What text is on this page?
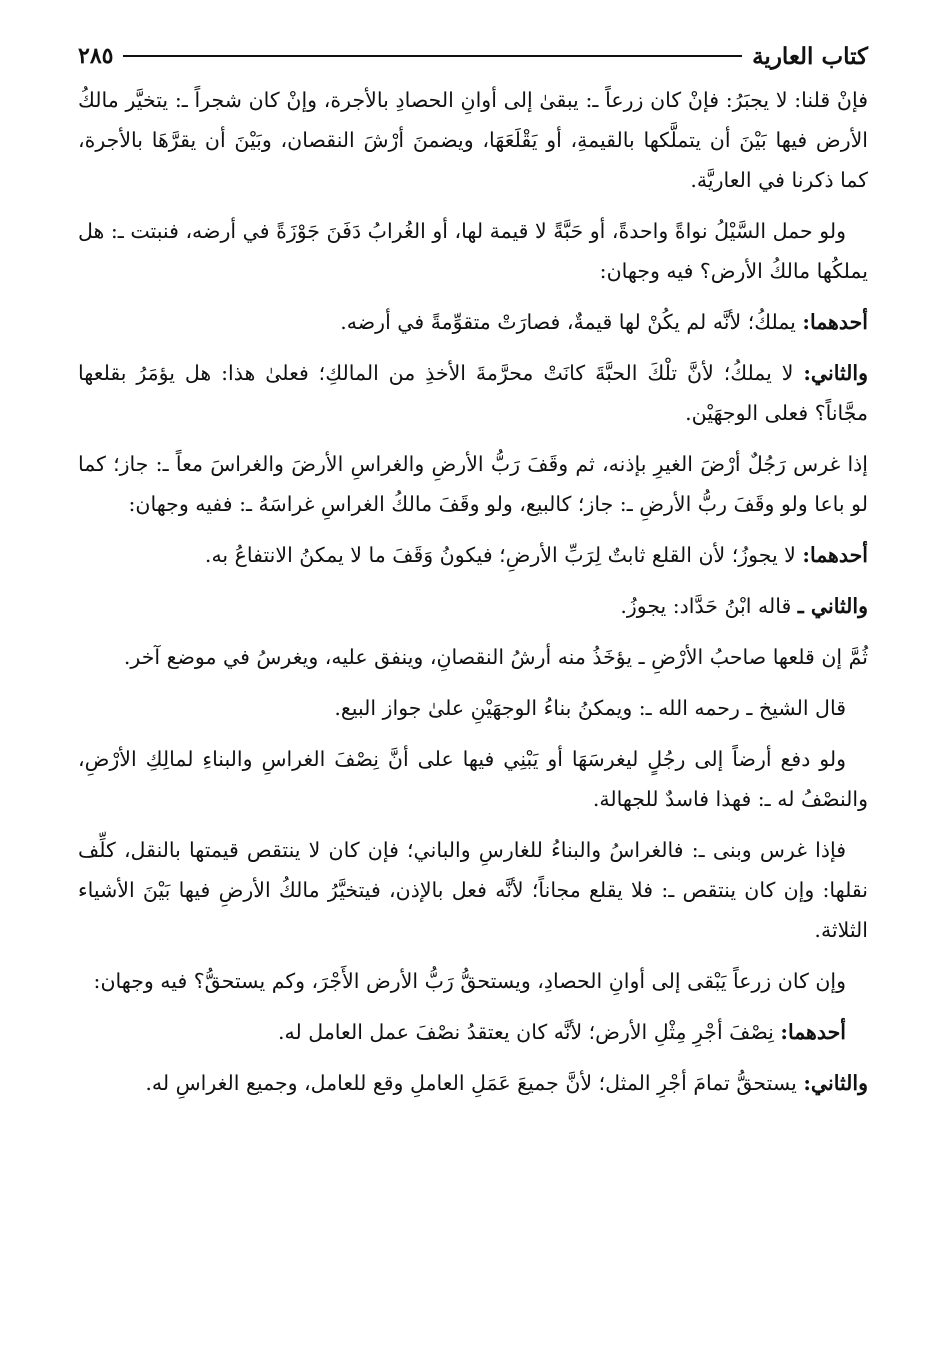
كتاب العارية
٢٨٥

فإنْ قلنا: لا يجبَرُ: فإنْ كان زرعاً ـ: يبقىٰ إلى أوانِ الحصادِ بالأجرة، وإنْ كان شجراً ـ: يتخيَّر مالكُ الأرض فيها بَيْنَ أن يتملَّكها بالقيمةِ، أو يَقْلَعَهَا، ويضمنَ أرْشَ النقصان، وبَيْنَ أن يقرَّهَا بالأجرة، كما ذكرنا في العاريَّة.

ولو حمل السَّيْلُ نواةً واحدةً، أو حَبَّةً لا قيمة لها، أو الغُرابُ دَفَنَ جَوْزَةً في أرضه، فنبتت ـ: هل يملكُها مالكُ الأرض؟ فيه وجهان:

أحدهما: يملكُ؛ لأنَّه لم يكُنْ لها قيمةٌ، فصارَتْ متقوِّمةً في أرضه.

والثاني: لا يملكُ؛ لأنَّ تلْكَ الحبَّةَ كانَتْ محرَّمةَ الأخذِ من المالكِ؛ فعلىٰ هذا: هل يؤمَرُ بقلعها مجَّاناً؟ فعلى الوجهَيْن.

إذا غرس رَجُلٌ أرْضَ الغيرِ بإذنه، ثم وقَفَ رَبُّ الأرضِ والغراسِ الأرضَ والغراسَ معاً ـ: جاز؛ كما لو باعا ولو وقَفَ ربُّ الأرضِ ـ: جاز؛ كالبيع، ولو وقَفَ مالكُ الغراسِ غراسَهُ ـ: ففيه وجهان:

أحدهما: لا يجوزُ؛ لأن القلع ثابتٌ لِرَبِّ الأرضِ؛ فيكونُ وَقَفَ ما لا يمكنُ الانتفاعُ به.

والثاني ـ قاله ابْنُ حَدَّاد: يجوزُ.

ثُمَّ إن قلعها صاحبُ الأرْضِ ـ يؤخَذُ منه أرشُ النقصانِ، وينفق عليه، ويغرسُ في موضع آخر.

قال الشيخ ـ رحمه الله ـ: ويمكنُ بناءُ الوجهَيْنِ علىٰ جواز البيع.

ولو دفع أرضاً إلى رجُلٍ ليغرسَهَا أو يَبْنِي فيها على أنَّ نِصْفَ الغراسِ والبناءِ لمالِكِ الأرْضِ، والنصْفُ له ـ: فهذا فاسدٌ للجهالة.

فإذا غرس وبنى ـ: فالغراسُ والبناءُ للغارسِ والباني؛ فإن كان لا ينتقص قيمتها بالنقل، كلِّف نقلها: وإن كان ينتقص ـ: فلا يقلع مجاناً؛ لأنَّه فعل بالإذن، فيتخيَّرُ مالكُ الأرضِ فيها بَيْنَ الأشياء الثلاثة.

وإن كان زرعاً يَبْقى إلى أوانِ الحصادِ، ويستحقُّ رَبُّ الأرض الأَجْرَ، وكم يستحقُّ؟ فيه وجهان:

أحدهما: نِصْفَ أجْرِ مِثْلِ الأرض؛ لأنَّه كان يعتقدُ نصْفَ عمل العامل له.

والثاني: يستحقُّ تمامَ أجْرِ المثل؛ لأنَّ جميعَ عَمَلِ العاملِ وقع للعامل، وجميع الغراسِ له.
